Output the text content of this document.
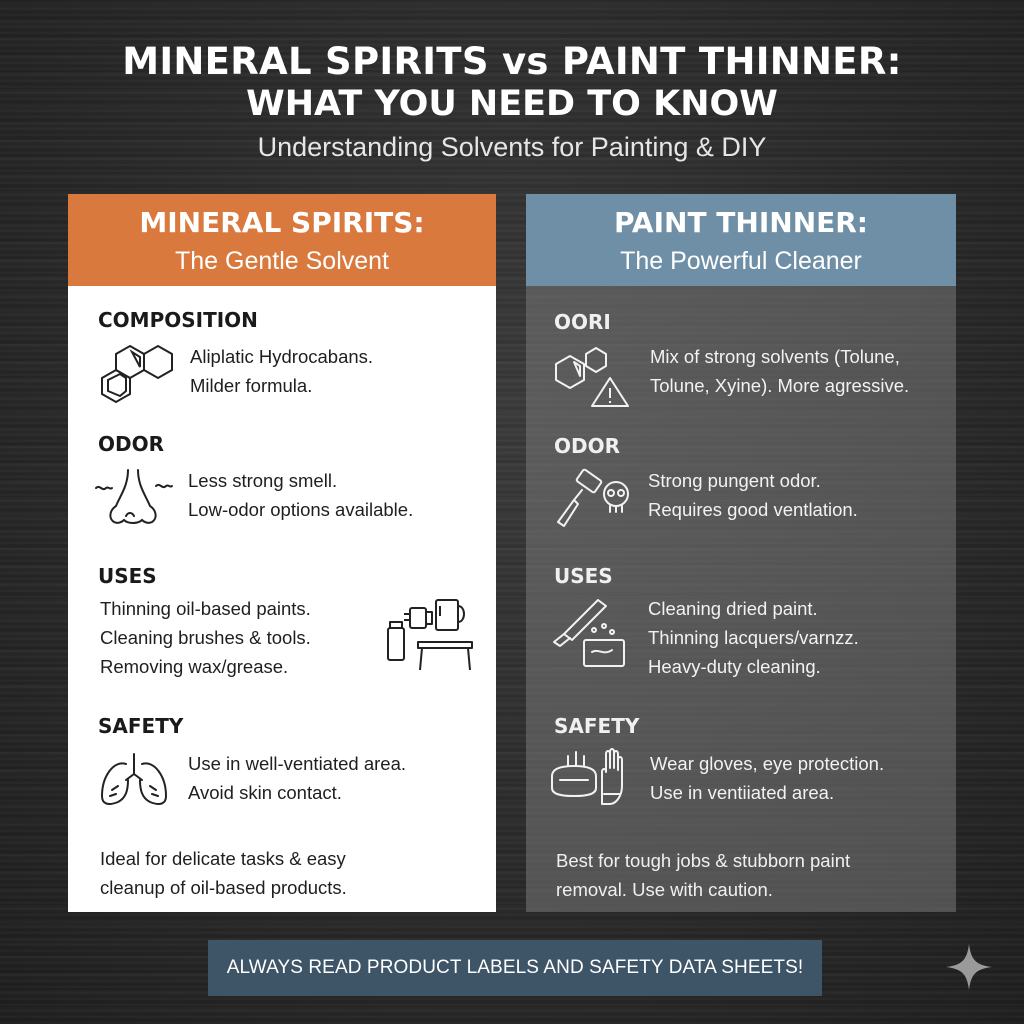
MINERAL SPIRITS vs PAINT THINNER:
WHAT YOU NEED TO KNOW
Understanding Solvents for Painting & DIY
MINERAL SPIRITS:
The Gentle Solvent
COMPOSITION
Aliplatic Hydrocabans.
Milder formula.
ODOR
Less strong smell.
Low-odor options available.
USES
Thinning oil-based paints.
Cleaning brushes & tools.
Removing wax/grease.
SAFETY
Use in well-ventiated area.
Avoid skin contact.
Ideal for delicate tasks & easy
cleanup of oil-based products.
PAINT THINNER:
The Powerful Cleaner
OORI
Mix of strong solvents (Tolune,
Tolune, Xyine). More agressive.
ODOR
Strong pungent odor.
Requires good ventlation.
USES
Cleaning dried paint.
Thinning lacquers/varnzz.
Heavy-duty cleaning.
SAFETY
Wear gloves, eye protection.
Use in ventiiated area.
Best for tough jobs & stubborn paint
removal. Use with caution.
ALWAYS READ PRODUCT LABELS AND SAFETY DATA SHEETS!
